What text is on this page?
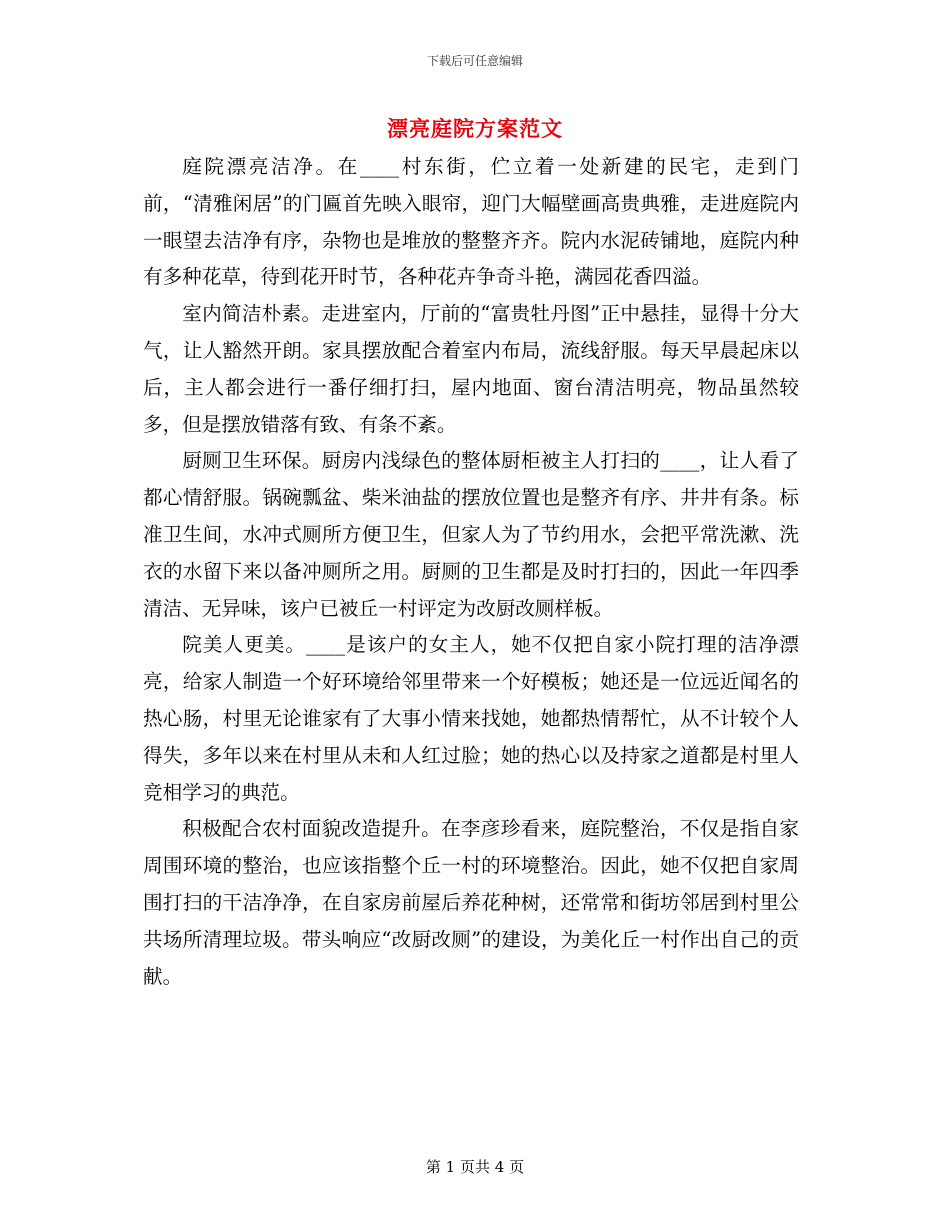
下载后可任意编辑
漂亮庭院方案范文

庭院漂亮洁净。在____村东街，伫立着一处新建的民宅，走到门前，“清雅闲居”的门匾首先映入眼帘，迎门大幅壁画高贵典雅，走进庭院内一眼望去洁净有序，杂物也是堆放的整整齐齐。院内水泥砖铺地，庭院内种有多种花草，待到花开时节，各种花卉争奇斗艳，满园花香四溢。

室内简洁朴素。走进室内，厅前的“富贵牡丹图”正中悬挂，显得十分大气，让人豁然开朗。家具摆放配合着室内布局，流线舒服。每天早晨起床以后，主人都会进行一番仔细打扫，屋内地面、窗台清洁明亮，物品虽然较多，但是摆放错落有致、有条不紊。

厨厕卫生环保。厨房内浅绿色的整体厨柜被主人打扫的____，让人看了都心情舒服。锅碗瓢盆、柴米油盐的摆放位置也是整齐有序、井井有条。标准卫生间，水冲式厕所方便卫生，但家人为了节约用水，会把平常洗漱、洗衣的水留下来以备冲厕所之用。厨厕的卫生都是及时打扫的，因此一年四季清洁、无异味，该户已被丘一村评定为改厨改厕样板。

院美人更美。____是该户的女主人，她不仅把自家小院打理的洁净漂亮，给家人制造一个好环境给邻里带来一个好模板；她还是一位远近闻名的热心肠，村里无论谁家有了大事小情来找她，她都热情帮忙，从不计较个人得失，多年以来在村里从未和人红过脸；她的热心以及持家之道都是村里人竞相学习的典范。

积极配合农村面貌改造提升。在李彦珍看来，庭院整治，不仅是指自家周围环境的整治，也应该指整个丘一村的环境整治。因此，她不仅把自家周围打扫的干洁净净，在自家房前屋后养花种树，还常常和街坊邻居到村里公共场所清理垃圾。带头响应“改厨改厕”的建设，为美化丘一村作出自己的贡献。

第 1 页共 4 页
